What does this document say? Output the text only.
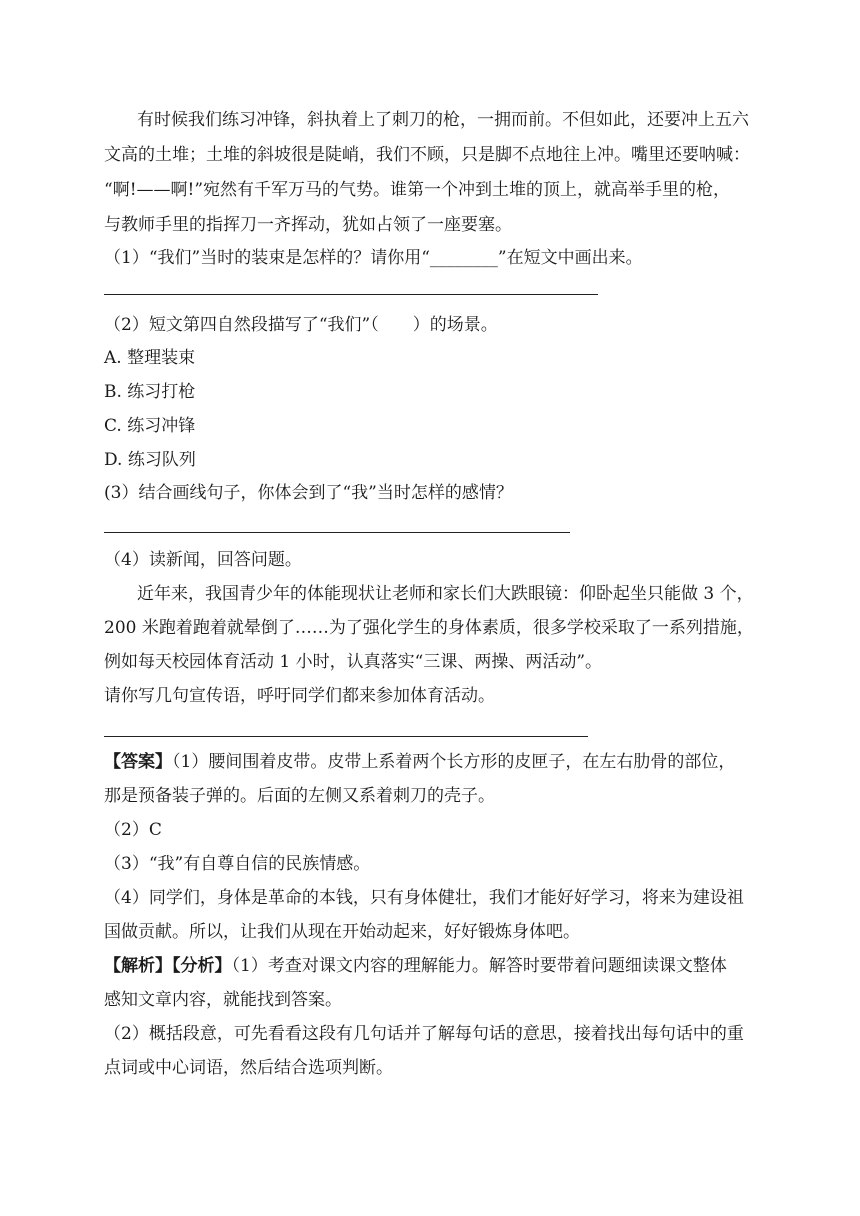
有时候我们练习冲锋，斜执着上了刺刀的枪，一拥而前。不但如此，还要冲上五六
文高的土堆；土堆的斜坡很是陡峭，我们不顾，只是脚不点地往上冲。嘴里还要呐喊：
“啊!——啊!”宛然有千军万马的气势。谁第一个冲到土堆的顶上，就高举手里的枪，
与教师手里的指挥刀一齐挥动，犹如占领了一座要塞。
（1）“我们”当时的装束是怎样的？请你用“________”在短文中画出来。
（2）短文第四自然段描写了“我们”（　　）的场景。
A. 整理装束
B. 练习打枪
C. 练习冲锋
D. 练习队列
(3）结合画线句子，你体会到了“我”当时怎样的感情？
（4）读新闻，回答问题。
近年来，我国青少年的体能现状让老师和家长们大跌眼镜：仰卧起坐只能做 3 个，
200 米跑着跑着就晕倒了……为了强化学生的身体素质，很多学校采取了一系列措施，
例如每天校园体育活动 1 小时，认真落实“三课、两操、两活动”。
请你写几句宣传语，呼吁同学们都来参加体育活动。
【答案】（1）腰间围着皮带。皮带上系着两个长方形的皮匣子，在左右肋骨的部位，
那是预备装子弹的。后面的左侧又系着刺刀的壳子。
（2）C
（3）“我”有自尊自信的民族情感。
（4）同学们，身体是革命的本钱，只有身体健壮，我们才能好好学习，将来为建设祖
国做贡献。所以，让我们从现在开始动起来，好好锻炼身体吧。
【解析】【分析】（1）考查对课文内容的理解能力。解答时要带着问题细读课文整体
感知文章内容，就能找到答案。
（2）概括段意，可先看看这段有几句话并了解每句话的意思，接着找出每句话中的重
点词或中心词语，然后结合选项判断。
